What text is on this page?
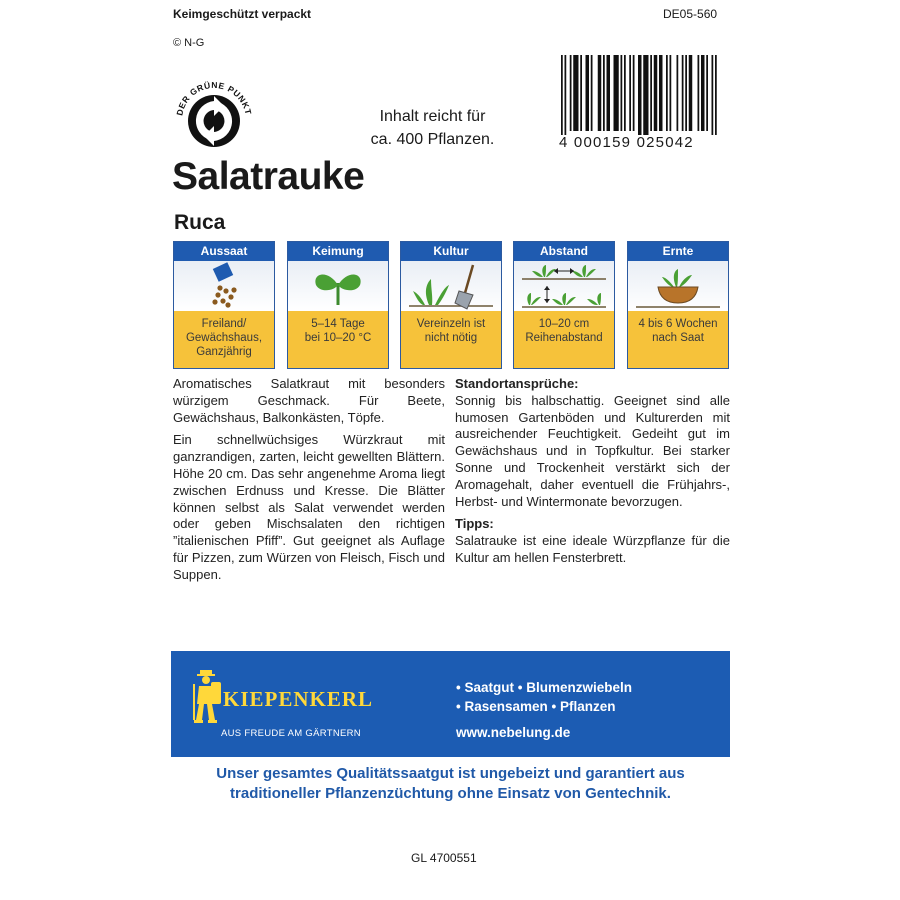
Keimgeschützt verpackt	DE05-560
© N-G
DER GRÜNE PUNKT	Inhalt reicht für
ca. 400 Pflanzen.	4 000159 025042
Salatrauke
Ruca
Aussaat
Freiland/
Gewächshaus,
Ganzjährig
Keimung
5–14 Tage
bei 10–20 °C
Kultur
Vereinzeln ist
nicht nötig
Abstand
10–20 cm
Reihenabstand
Ernte
4 bis 6 Wochen
nach Saat

Aromatisches Salatkraut mit besonders würzigem Geschmack. Für Beete, Gewächshaus, Balkonkästen, Töpfe.

Ein schnellwüchsiges Würzkraut mit ganzrandigen, zarten, leicht gewellten Blättern. Höhe 20 cm. Das sehr angenehme Aroma liegt zwischen Erdnuss und Kresse. Die Blätter können selbst als Salat verwendet werden oder geben Mischsalaten den richtigen ”italienischen Pfiff”. Gut geeignet als Auflage für Pizzen, zum Würzen von Fleisch, Fisch und Suppen.

Standortansprüche:

Sonnig bis halbschattig. Geeignet sind alle humosen Gartenböden und Kulturerden mit ausreichender Feuchtigkeit. Gedeiht gut im Gewächshaus und in Topfkultur. Bei starker Sonne und Trockenheit verstärkt sich der Aromagehalt, daher eventuell die Frühjahrs-, Herbst- und Wintermonate bevorzugen.

Tipps:

Salatrauke ist eine ideale Würzpflanze für die Kultur am hellen Fensterbrett.

KIEPENKERL
AUS FREUDE AM GÄRTNERN
• Saatgut • Blumenzwiebeln
• Rasensamen • Pflanzen
www.nebelung.de
Unser gesamtes Qualitätssaatgut ist ungebeizt und garantiert aus
traditioneller Pflanzenzüchtung ohne Einsatz von Gentechnik.
GL 4700551
